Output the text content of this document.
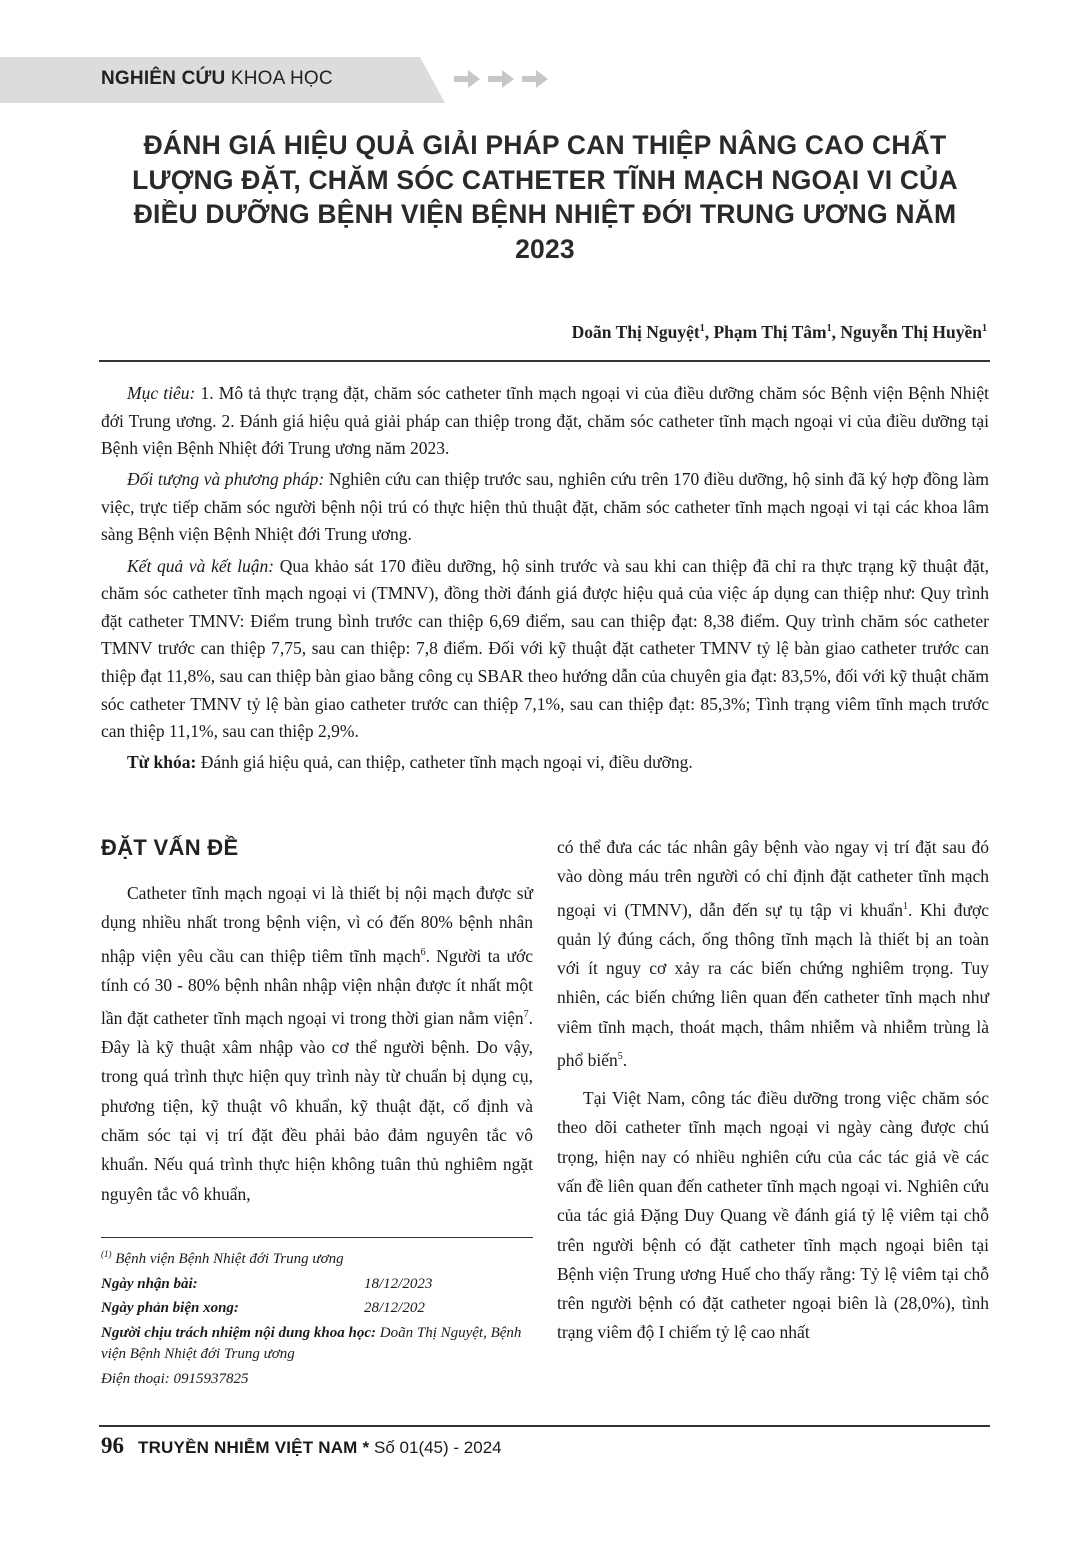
NGHIÊN CỨU KHOA HỌC
ĐÁNH GIÁ HIỆU QUẢ GIẢI PHÁP CAN THIỆP NÂNG CAO CHẤT LƯỢNG ĐẶT, CHĂM SÓC CATHETER TĨNH MẠCH NGOẠI VI CỦA ĐIỀU DƯỠNG BỆNH VIỆN BỆNH NHIỆT ĐỚI TRUNG ƯƠNG NĂM 2023
Doãn Thị Nguyệt$^1$, Phạm Thị Tâm$^1$, Nguyễn Thị Huyền$^1$

Mục tiêu: 1. Mô tả thực trạng đặt, chăm sóc catheter tĩnh mạch ngoại vi của điều dưỡng chăm sóc Bệnh viện Bệnh Nhiệt đới Trung ương. 2. Đánh giá hiệu quả giải pháp can thiệp trong đặt, chăm sóc catheter tĩnh mạch ngoại vi của điều dưỡng tại Bệnh viện Bệnh Nhiệt đới Trung ương năm 2023.

Đối tượng và phương pháp: Nghiên cứu can thiệp trước sau, nghiên cứu trên 170 điều dưỡng, hộ sinh đã ký hợp đồng làm việc, trực tiếp chăm sóc người bệnh nội trú có thực hiện thủ thuật đặt, chăm sóc catheter tĩnh mạch ngoại vi tại các khoa lâm sàng Bệnh viện Bệnh Nhiệt đới Trung ương.

Kết quả và kết luận: Qua khảo sát 170 điều dưỡng, hộ sinh trước và sau khi can thiệp đã chỉ ra thực trạng kỹ thuật đặt, chăm sóc catheter tĩnh mạch ngoại vi (TMNV), đồng thời đánh giá được hiệu quả của việc áp dụng can thiệp như: Quy trình đặt catheter TMNV: Điểm trung bình trước can thiệp 6,69 điểm, sau can thiệp đạt: 8,38 điểm. Quy trình chăm sóc catheter TMNV trước can thiệp 7,75, sau can thiệp: 7,8 điểm. Đối với kỹ thuật đặt catheter TMNV tỷ lệ bàn giao catheter trước can thiệp đạt 11,8%, sau can thiệp bàn giao bằng công cụ SBAR theo hướng dẫn của chuyên gia đạt: 83,5%, đối với kỹ thuật chăm sóc catheter TMNV tỷ lệ bàn giao catheter trước can thiệp 7,1%, sau can thiệp đạt: 85,3%; Tình trạng viêm tĩnh mạch trước can thiệp 11,1%, sau can thiệp 2,9%.

Từ khóa: Đánh giá hiệu quả, can thiệp, catheter tĩnh mạch ngoại vi, điều dưỡng.

ĐẶT VẤN ĐỀ

Catheter tĩnh mạch ngoại vi là thiết bị nội mạch được sử dụng nhiều nhất trong bệnh viện, vì có đến 80% bệnh nhân nhập viện yêu cầu can thiệp tiêm tĩnh mạch$^6$. Người ta ước tính có 30 - 80% bệnh nhân nhập viện nhận được ít nhất một lần đặt catheter tĩnh mạch ngoại vi trong thời gian nằm viện$^7$. Đây là kỹ thuật xâm nhập vào cơ thể người bệnh. Do vậy, trong quá trình thực hiện quy trình này từ chuẩn bị dụng cụ, phương tiện, kỹ thuật vô khuẩn, kỹ thuật đặt, cố định và chăm sóc tại vị trí đặt đều phải bảo đảm nguyên tắc vô khuẩn. Nếu quá trình thực hiện không tuân thủ nghiêm ngặt nguyên tắc vô khuẩn,

có thể đưa các tác nhân gây bệnh vào ngay vị trí đặt sau đó vào dòng máu trên người có chỉ định đặt catheter tĩnh mạch ngoại vi (TMNV), dẫn đến sự tụ tập vi khuẩn$^1$. Khi được quản lý đúng cách, ống thông tĩnh mạch là thiết bị an toàn với ít nguy cơ xảy ra các biến chứng nghiêm trọng. Tuy nhiên, các biến chứng liên quan đến catheter tĩnh mạch như viêm tĩnh mạch, thoát mạch, thâm nhiễm và nhiễm trùng là phổ biến$^5$.

Tại Việt Nam, công tác điều dưỡng trong việc chăm sóc theo dõi catheter tĩnh mạch ngoại vi ngày càng được chú trọng, hiện nay có nhiều nghiên cứu của các tác giả về các vấn đề liên quan đến catheter tĩnh mạch ngoại vi. Nghiên cứu của tác giả Đặng Duy Quang về đánh giá tỷ lệ viêm tại chỗ trên người bệnh có đặt catheter tĩnh mạch ngoại biên tại Bệnh viện Trung ương Huế cho thấy rằng: Tỷ lệ viêm tại chỗ trên người bệnh có đặt catheter ngoại biên là (28,0%), tình trạng viêm độ I chiếm tỷ lệ cao nhất

$^{(1)}$ Bệnh viện Bệnh Nhiệt đới Trung ương
Ngày nhận bài:	18/12/2023
Ngày phản biện xong:	28/12/202
Người chịu trách nhiệm nội dung khoa học: Doãn Thị Nguyệt, Bệnh viện Bệnh Nhiệt đới Trung ương
Điện thoại: 0915937825
96 TRUYỀN NHIỄM VIỆT NAM * Số 01(45) - 2024
